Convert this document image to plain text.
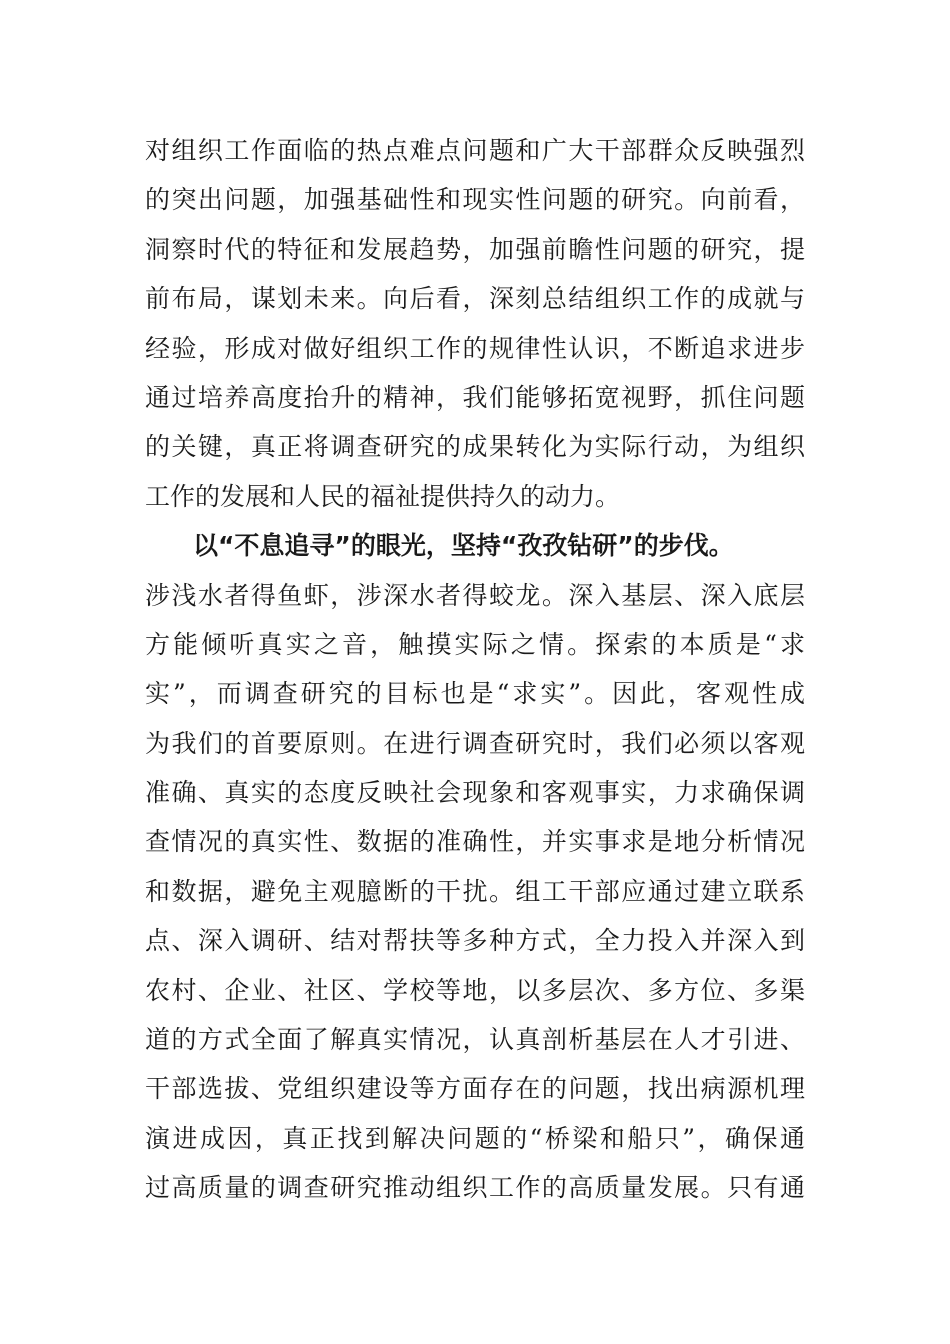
对组织工作面临的热点难点问题和广大干部群众反映强烈
的突出问题，加强基础性和现实性问题的研究。向前看，
洞察时代的特征和发展趋势，加强前瞻性问题的研究，提
前布局，谋划未来。向后看，深刻总结组织工作的成就与
经验，形成对做好组织工作的规律性认识，不断追求进步
通过培养高度抬升的精神，我们能够拓宽视野，抓住问题
的关键，真正将调查研究的成果转化为实际行动，为组织
工作的发展和人民的福祉提供持久的动力。
以“不息追寻”的眼光，坚持“孜孜钻研”的步伐。
涉浅水者得鱼虾，涉深水者得蛟龙。深入基层、深入底层
方能倾听真实之音，触摸实际之情。探索的本质是“求
实”，而调查研究的目标也是“求实”。因此，客观性成
为我们的首要原则。在进行调查研究时，我们必须以客观
准确、真实的态度反映社会现象和客观事实，力求确保调
查情况的真实性、数据的准确性，并实事求是地分析情况
和数据，避免主观臆断的干扰。组工干部应通过建立联系
点、深入调研、结对帮扶等多种方式，全力投入并深入到
农村、企业、社区、学校等地，以多层次、多方位、多渠
道的方式全面了解真实情况，认真剖析基层在人才引进、
干部选拔、党组织建设等方面存在的问题，找出病源机理
演进成因，真正找到解决问题的“桥梁和船只”，确保通
过高质量的调查研究推动组织工作的高质量发展。只有通
